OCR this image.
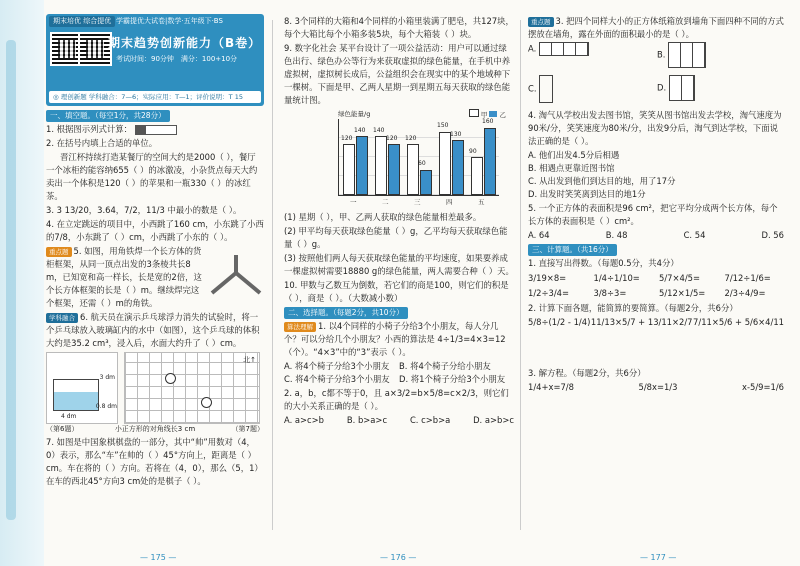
期末培优 综合提优 学霸提优大试卷|数学·五年级下·BS
期末趋势创新能力（B卷）
考试时间：90分钟　 满分：100+10分
◎ 理创新题 学科融合：7—6；实际应用：T—1；评价说明：T 15
一、填空题。（每空1分，共28分）
1. 根据图示列式计算：
2. 在括号内填上合适的单位。
晋江杯持续打造某餐厅的空间大约是2000（ ），餐厅一个冰柜约能容纳655（ ）的冰激凌，小杂货点每天大约卖出一个体积是120（ ）的苹果和一瓶330（ ）的冰红茶。
3. 3 13/20，3.64，7/2，11/3 中最小的数是（ ）。
4. 在立定跳远的项目中，小西跳了160 cm，小东跳了小西的7/8，小东跳了（ ）cm，小西跳了小东的（ ）。
重点题 5. 如图，用角铁焊一个长方体的货柜框架，从同一顶点出发的3条棱共长8 m，已知宽和高一样长，长是宽的2倍，这个长方体框架的长是（ ）m。继续焊完这个框架，还需（ ）m的角铁。
学科融合 6. 航天员在演示乒乓球浮力消失的试验时，将一个乒乓球放入玻璃缸内的水中（如图），这个乒乓球的体积大约是35.2 cm³，浸入后，水面大约升了（ ）cm。
3 dm
4 dm
0.8 dm
北↑
（第6题）	小正方形的对角线长3 cm	（第7题）
7. 如图是中国象棋棋盘的一部分，其中“帅”用数对（4，0）表示，那么“车”在帅的（ ）45°方向上，距离是（ ）cm。车在将的（ ）方向。若将在（4，0），那么（5，1）在车的西北45°方向3 cm处的是棋子（ ）。
— 175 —
8. 3个同样的大箱和4个同样的小箱里装满了肥皂，共127块，每个大箱比每个小箱多装5块，每个大箱装（ ）块。
9. 数字化社会 某平台设计了一项公益活动：用户可以通过绿色出行、绿色办公等行为来获取虚拟的绿色能量，在手机中养虚拟树，虚拟树长成后，公益组织会在现实中的某个地域种下一棵树。下面是甲、乙两人星期一到星期五每天获取的绿色能量统计图。
绿色能量/g	甲 乙
120
140 140
120 120
60
150
130
90
160
一	二	三	四	五
(1) 星期（ ），甲、乙两人获取的绿色能量相差最多。
(2) 甲平均每天获取绿色能量（ ）g，乙平均每天获取绿色能量（ ）g。
(3) 按照他们两人每天获取绿色能量的平均速度，如果要养成一棵虚拟树需要18880 g的绿色能量，两人需要合种（ ）天。
10. 甲数与乙数互为倒数，若它们的商是100，则它们的积是（ ），商是（ ）。（大数减小数）
二、选择题。（每题2分，共10分）
算法理解 1. 以4个同样的小椅子分给3个小朋友，每人分几个？可以分给几个小朋友？小西的算法是 4÷1/3=4×3=12（个）。“4×3”中的“3”表示（ ）。
A. 将4个椅子分给3个小朋友	B. 将4个椅子分给小朋友
C. 将4个椅子分给3个小朋友	D. 将1个椅子分给3个小朋友
2. a，b，c都不等于0，且 a×3/2=b×5/8=c×2/3，则它们的大小关系正确的是（ ）。
A. a>c>b	B. b>a>c	C. c>b>a	D. a>b>c
— 176 —
重点题 3. 把四个同样大小的正方体纸箱放到墙角下面四种不同的方式摆放在墙角，露在外面的面积最小的是（ ）。
A.
B.
C.	D.
4. 淘气从学校出发去图书馆，笑笑从图书馆出发去学校，淘气速度为90米/分，笑笑速度为80米/分，出发9分后，淘气到达学校，下面说法正确的是（ ）。
A. 他们出发4.5分后相遇
B. 相遇点更靠近图书馆
C. 从出发到他们到达目的地，用了17分
D. 出发时笑笑离到达目的地1分
5. 一个正方体的表面积是96 cm²，把它平均分成两个长方体，每个长方体的表面积是（ ）cm²。
A. 64	B. 48	C. 54	D. 56
三、计算题。（共16分）
1. 直接写出得数。（每题0.5分，共4分）
3/19×8=	1/4÷1/10=	5/7×4/5=	7/12÷1/6=
1/2÷3/4=	3/8÷3=	5/12×1/5=	2/3÷4/9=
2. 计算下面各题，能简算的要简算。（每题2分，共6分）
5/8÷(1/2 - 1/4) 11/13×5/7 + 13/11×2/7 7/11×5/6 + 5/6×4/11
3. 解方程。（每题2分，共6分）
1/4+x=7/8	5/8x=1/3	x-5/9=1/6
— 177 —
